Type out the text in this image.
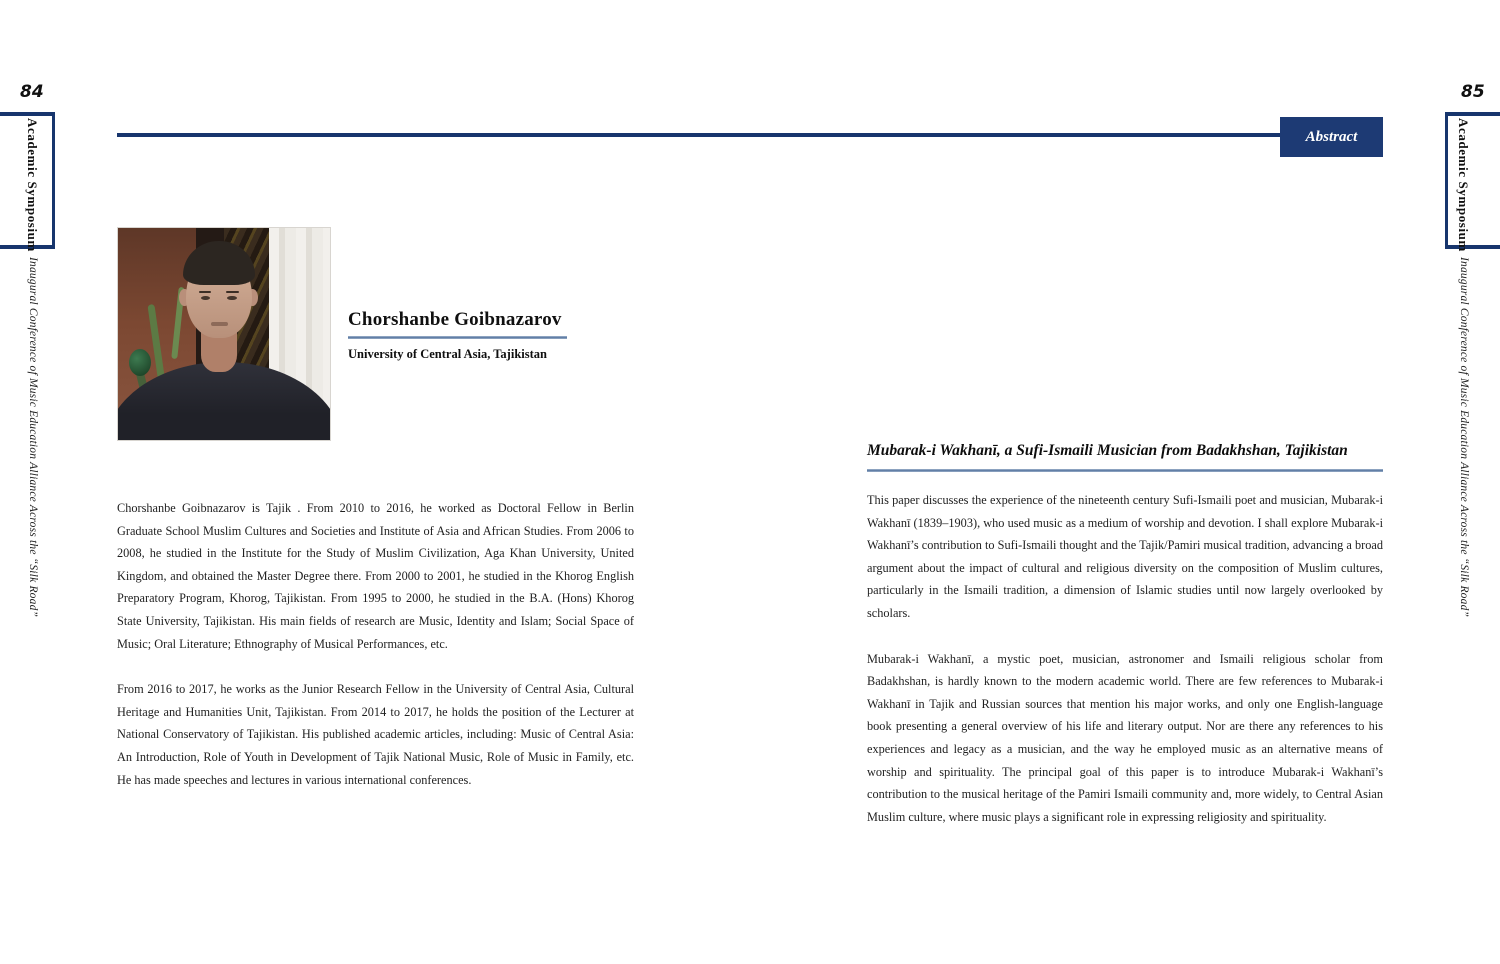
84
Academic Symposium
Inaugural Conference of Music Education Alliance Across the “Silk Road”
85
Academic Symposium
Inaugural Conference of Music Education Alliance Across the “Silk Road”
Abstract
Chorshanbe Goibnazarov
University of Central Asia, Tajikistan

Chorshanbe Goibnazarov is Tajik . From 2010 to 2016, he worked as Doctoral Fellow in Berlin Graduate School Muslim Cultures and Societies and Institute of Asia and African Studies. From 2006 to 2008, he studied in the Institute for the Study of Muslim Civilization, Aga Khan University, United Kingdom, and obtained the Master Degree there. From 2000 to 2001, he studied in the Khorog English Preparatory Program, Khorog, Tajikistan. From 1995 to 2000, he studied in the B.A. (Hons) Khorog State University, Tajikistan. His main fields of research are Music, Identity and Islam; Social Space of Music; Oral Literature; Ethnography of Musical Performances, etc.

From 2016 to 2017, he works as the Junior Research Fellow in the University of Central Asia, Cultural Heritage and Humanities Unit, Tajikistan. From 2014 to 2017, he holds the position of the Lecturer at National Conservatory of Tajikistan. His published academic articles, including: Music of Central Asia: An Introduction, Role of Youth in Development of Tajik National Music, Role of Music in Family, etc. He has made speeches and lectures in various international conferences.

Mubarak-i Wakhanī, a Sufi-Ismaili Musician from Badakhshan, Tajikistan

This paper discusses the experience of the nineteenth century Sufi-Ismaili poet and musician, Mubarak-i Wakhanī (1839–1903), who used music as a medium of worship and devotion. I shall explore Mubarak-i Wakhanī’s contribution to Sufi-Ismaili thought and the Tajik/Pamiri musical tradition, advancing a broad argument about the impact of cultural and religious diversity on the composition of Muslim cultures, particularly in the Ismaili tradition, a dimension of Islamic studies until now largely overlooked by scholars.

Mubarak-i Wakhanī, a mystic poet, musician, astronomer and Ismaili religious scholar from Badakhshan, is hardly known to the modern academic world. There are few references to Mubarak-i Wakhanī in Tajik and Russian sources that mention his major works, and only one English-language book presenting a general overview of his life and literary output. Nor are there any references to his experiences and legacy as a musician, and the way he employed music as an alternative means of worship and spirituality. The principal goal of this paper is to introduce Mubarak-i Wakhanī’s contribution to the musical heritage of the Pamiri Ismaili community and, more widely, to Central Asian Muslim culture, where music plays a significant role in expressing religiosity and spirituality.
